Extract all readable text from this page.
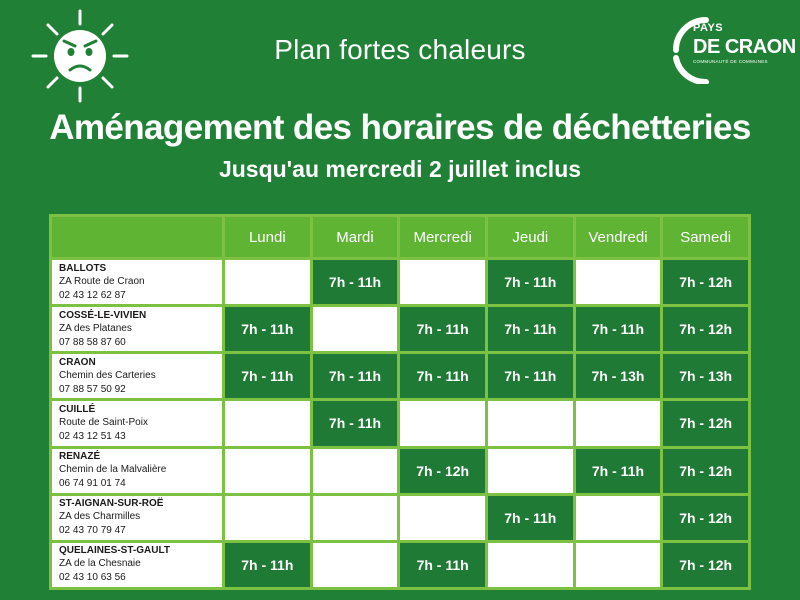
Plan fortes chaleurs
PAYS
DE CRAON
COMMUNAUTÉ DE COMMUNES
Aménagement des horaires de déchetteries
Jusqu'au mercredi 2 juillet inclus
	Lundi	Mardi	Mercredi	Jeudi	Vendredi	Samedi

BALLOTS
ZA Route de Craon
02 43 12 62 87		7h - 11h		7h - 11h		7h - 12h

COSSÉ-LE-VIVIEN
ZA des Platanes
07 88 58 87 60	7h - 11h		7h - 11h	7h - 11h	7h - 11h	7h - 12h

CRAON
Chemin des Carteries
07 88 57 50 92	7h - 11h	7h - 11h	7h - 11h	7h - 11h	7h - 13h	7h - 13h

CUILLÉ
Route de Saint-Poix
02 43 12 51 43		7h - 11h				7h - 12h

RENAZÉ
Chemin de la Malvalière
06 74 91 01 74			7h - 12h		7h - 11h	7h - 12h

ST-AIGNAN-SUR-ROË
ZA des Charmilles
02 43 70 79 47				7h - 11h		7h - 12h

QUELAINES-ST-GAULT
ZA de la Chesnaie
02 43 10 63 56	7h - 11h		7h - 11h			7h - 12h
